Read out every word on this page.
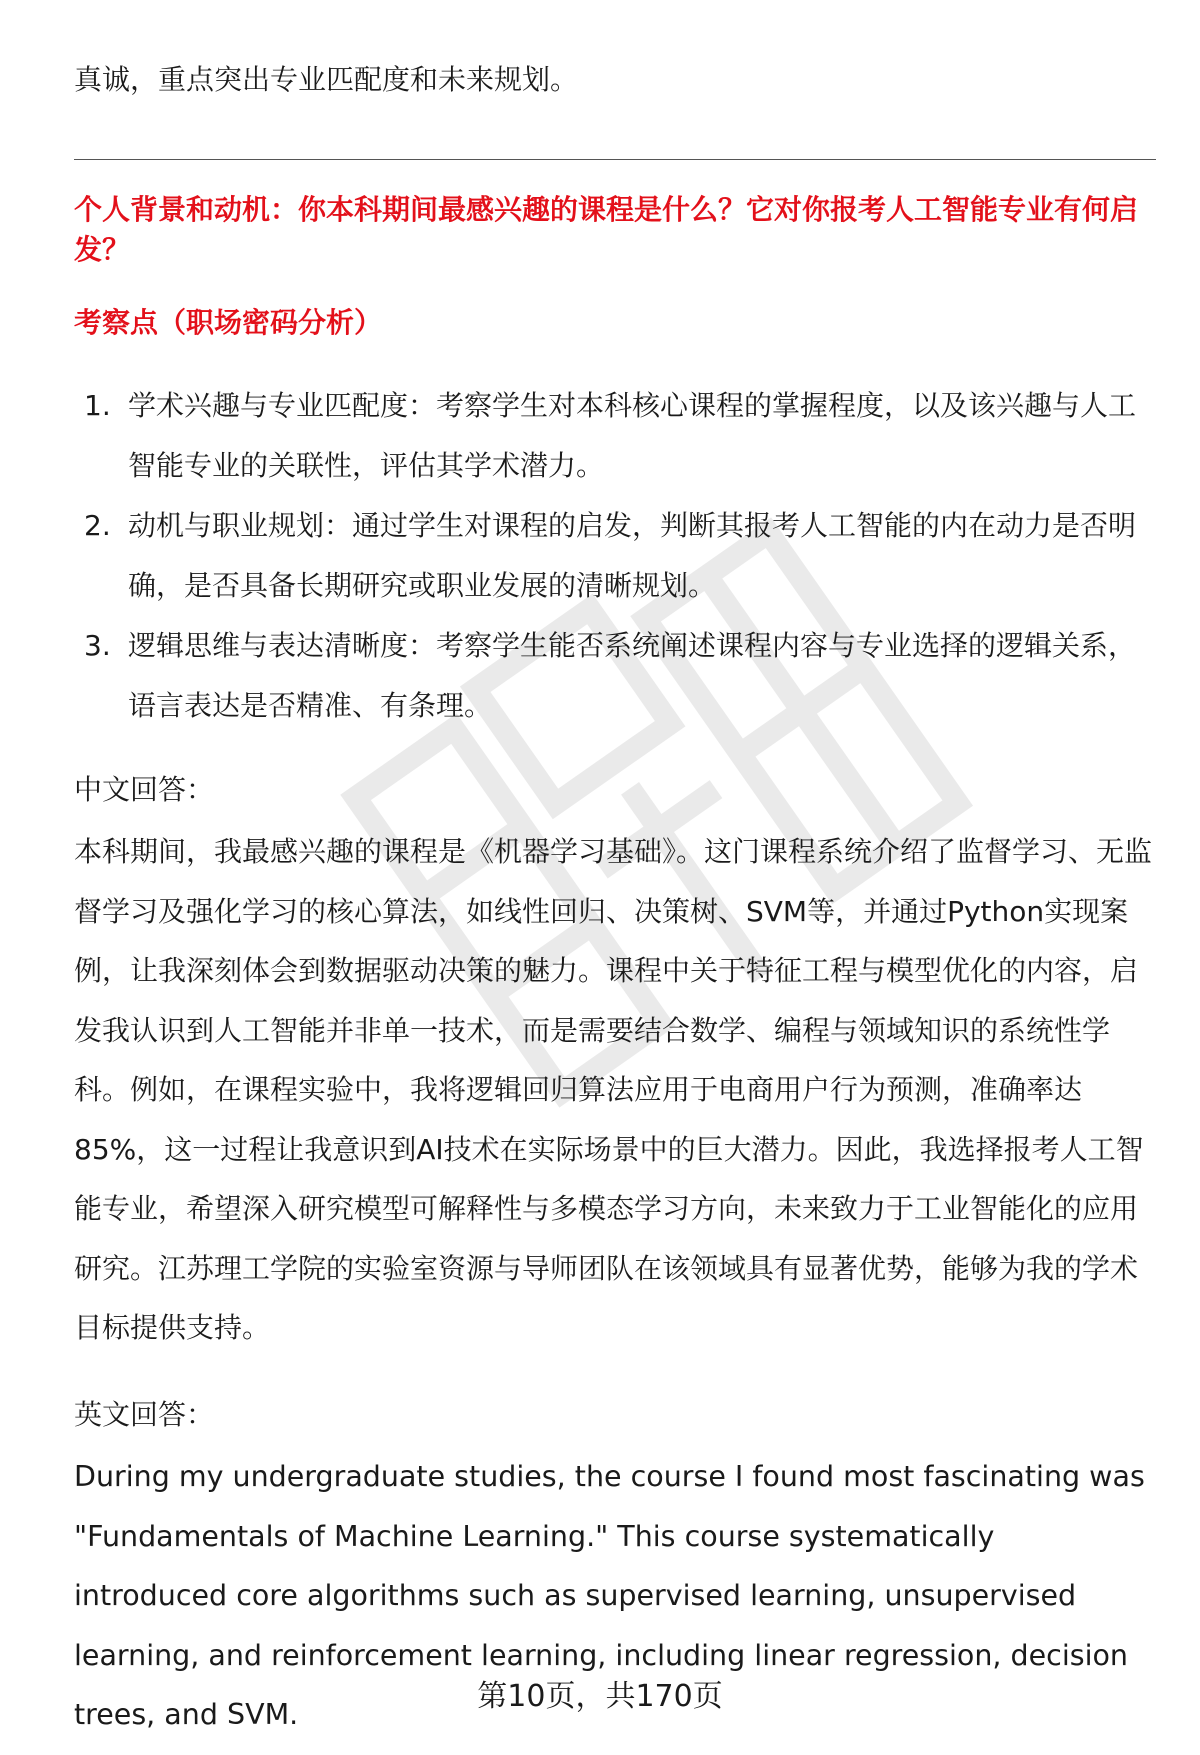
真诚，重点突出专业匹配度和未来规划。

个人背景和动机：你本科期间最感兴趣的课程是什么？它对你报考人工智能专业有何启发？

考察点（职场密码分析）

1. 学术兴趣与专业匹配度：考察学生对本科核心课程的掌握程度，以及该兴趣与人工智能专业的关联性，评估其学术潜力。
2. 动机与职业规划：通过学生对课程的启发，判断其报考人工智能的内在动力是否明确，是否具备长期研究或职业发展的清晰规划。
3. 逻辑思维与表达清晰度：考察学生能否系统阐述课程内容与专业选择的逻辑关系，语言表达是否精准、有条理。

中文回答：

本科期间，我最感兴趣的课程是《机器学习基础》。这门课程系统介绍了监督学习、无监督学习及强化学习的核心算法，如线性回归、决策树、SVM等，并通过Python实现案例，让我深刻体会到数据驱动决策的魅力。课程中关于特征工程与模型优化的内容，启发我认识到人工智能并非单一技术，而是需要结合数学、编程与领域知识的系统性学科。例如，在课程实验中，我将逻辑回归算法应用于电商用户行为预测，准确率达85%，这一过程让我意识到AI技术在实际场景中的巨大潜力。因此，我选择报考人工智能专业，希望深入研究模型可解释性与多模态学习方向，未来致力于工业智能化的应用研究。江苏理工学院的实验室资源与导师团队在该领域具有显著优势，能够为我的学术目标提供支持。

英文回答：

During my undergraduate studies, the course I found most fascinating was "Fundamentals of Machine Learning." This course systematically introduced core algorithms such as supervised learning, unsupervised learning, and reinforcement learning, including linear regression, decision trees, and SVM.

第10页，共170页
